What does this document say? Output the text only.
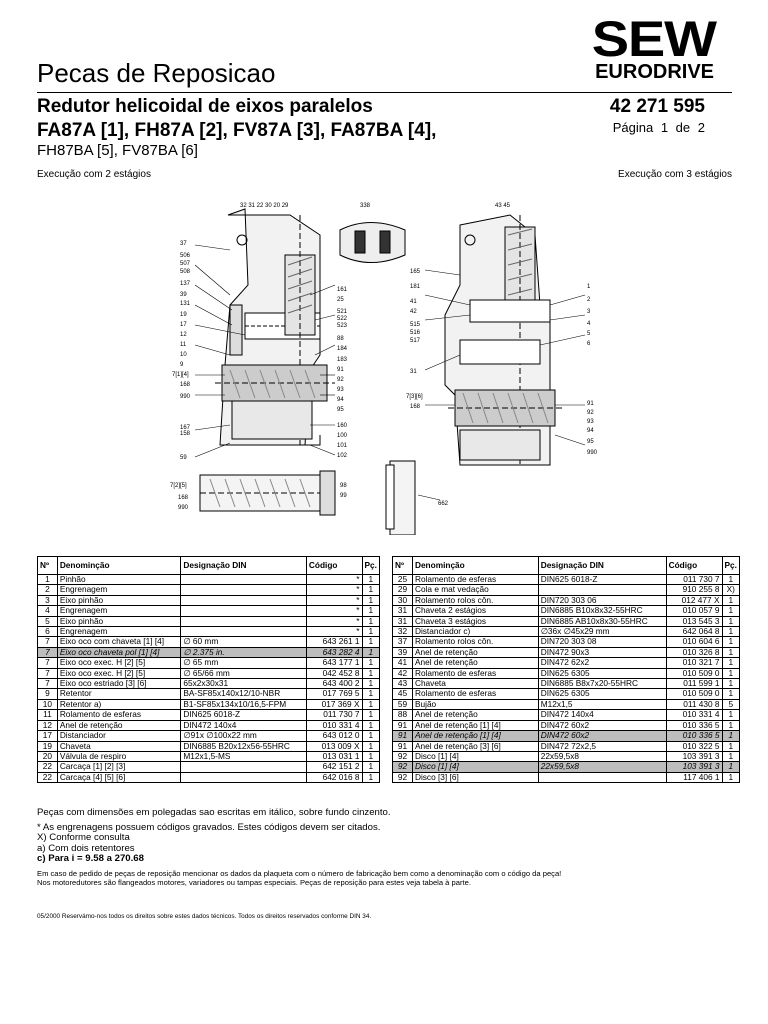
SEW
EURODRIVE
Pecas de Reposicao
Redutor helicoidal de eixos paralelos
FA87A [1], FH87A [2], FV87A [3], FA87BA [4],
FH87BA [5], FV87BA [6]
42 271 595
Página 1 de 2
Execução com 2 estágios	Execução com 3 estágios
32 31 22 30 20 29	338	43 45
37
506
507
508
137
39
131
19
17
12
11
10
9
7[1][4]
168
990
167
158
59
161
25
521
522
523
88
184
183
91
92
93
94
95
160
100
101
102
7[2][5]
168
990
98
99
662
165
181
41
42
515
516
517
31
7[3][6]
168
1
2
3
4
5
6
91
92
93
94
95
990
Nº	Denominção	Designação DIN	Código	Pç.
1	Pinhão		*	1
2	Engrenagem		*	1
3	Eixo pinhão		*	1
4	Engrenagem		*	1
5	Eixo pinhão		*	1
6	Engrenagem		*	1
7	Eixo oco com chaveta [1] [4]	∅ 60 mm	643 261 1	1
7	Eixo oco chaveta pol [1] [4]	∅ 2.375 in.	643 282 4	1
7	Eixo oco exec. H [2] [5]	∅ 65 mm	643 177 1	1
7	Eixo oco exec. H [2] [5]	∅ 65/66 mm	042 452 8	1
7	Eixo oco estriado [3] [6]	65x2x30x31	643 400 2	1
9	Retentor	BA-SF85x140x12/10-NBR	017 769 5	1
10	Retentor a)	B1-SF85x134x10/16,5-FPM	017 369 X	1
11	Rolamento de esferas	DIN625 6018-Z	011 730 7	1
12	Anel de retenção	DIN472 140x4	010 331 4	1
17	Distanciador	∅91x ∅100x22 mm	643 012 0	1
19	Chaveta	DIN6885 B20x12x56-55HRC	013 009 X	1
20	Válvula de respiro	M12x1,5-MS	013 031 1	1
22	Carcaça [1] [2] [3]		642 151 2	1
22	Carcaça [4] [5] [6]		642 016 8	1
Nº	Denominção	Designação DIN	Código	Pç.
25	Rolamento de esferas	DIN625 6018-Z	011 730 7	1
29	Cola e mat vedação		910 255 8	X)
30	Rolamento rolos côn.	DIN720 303 06	012 477 X	1
31	Chaveta 2 estágios	DIN6885 B10x8x32-55HRC	010 057 9	1
31	Chaveta 3 estágios	DIN6885 AB10x8x30-55HRC	013 545 3	1
32	Distanciador c)	∅36x ∅45x29 mm	642 064 8	1
37	Rolamento rolos côn.	DIN720 303 08	010 604 6	1
39	Anel de retenção	DIN472 90x3	010 326 8	1
41	Anel de retenção	DIN472 62x2	010 321 7	1
42	Rolamento de esferas	DIN625 6305	010 509 0	1
43	Chaveta	DIN6885 B8x7x20-55HRC	011 599 1	1
45	Rolamento de esferas	DIN625 6305	010 509 0	1
59	Bujão	M12x1,5	011 430 8	5
88	Anel de retenção	DIN472 140x4	010 331 4	1
91	Anel de retenção [1] [4]	DIN472 60x2	010 336 5	1
91	Anel de retenção [1] [4]	DIN472 60x2	010 336 5	1
91	Anel de retenção [3] [6]	DIN472 72x2,5	010 322 5	1
92	Disco [1] [4]	22x59,5x8	103 391 3	1
92	Disco [1] [4]	22x59,5x8	103 391 3	1
92	Disco [3] [6]		117 406 1	1

Peças com dimensões em polegadas sao escritas em itálico, sobre fundo cinzento.

* As engrenagens possuem códigos gravados. Estes códigos devem ser citados.

X) Conforme consulta

a) Com dois retentores

c) Para i = 9.58 a 270.68

Em caso de pedido de peças de reposição mencionar os dados da plaqueta com o número de fabricação bem como a denominação com o código da peça!

Nos motoredutores são flangeados motores, variadores ou tampas especiais. Peças de reposição para estes veja tabela à parte.

05/2000 Reservámo-nos todos os direitos sobre estes dados técnicos. Todos os direitos reservados conforme DIN 34.
